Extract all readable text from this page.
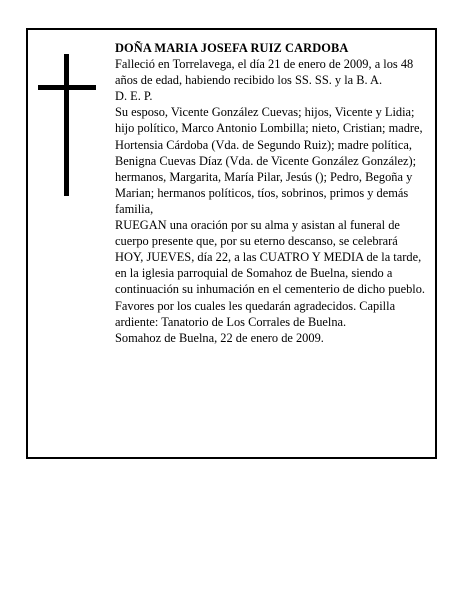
DOÑA MARIA JOSEFA RUIZ CARDOBA

Falleció en Torrelavega, el día 21 de enero de 2009, a los 48 años de edad, habiendo recibido los SS. SS. y la B. A.

D. E. P.

Su esposo, Vicente González Cuevas; hijos, Vicente y Lidia; hijo político, Marco Antonio Lombilla; nieto, Cristian; madre, Hortensia Cárdoba (Vda. de Segundo Ruiz); madre política, Benigna Cuevas Díaz (Vda. de Vicente González González); hermanos, Margarita, María Pilar, Jesús (); Pedro, Begoña y Marian; hermanos políticos, tíos, sobrinos, primos y demás familia,

RUEGAN una oración por su alma y asistan al funeral de cuerpo presente que, por su eterno descanso, se celebrará HOY, JUEVES, día 22, a las CUATRO Y MEDIA de la tarde, en la iglesia parroquial de Somahoz de Buelna, siendo a continuación su inhumación en el cementerio de dicho pueblo. Favores por los cuales les quedarán agradecidos. Capilla ardiente: Tanatorio de Los Corrales de Buelna.

Somahoz de Buelna, 22 de enero de 2009.
